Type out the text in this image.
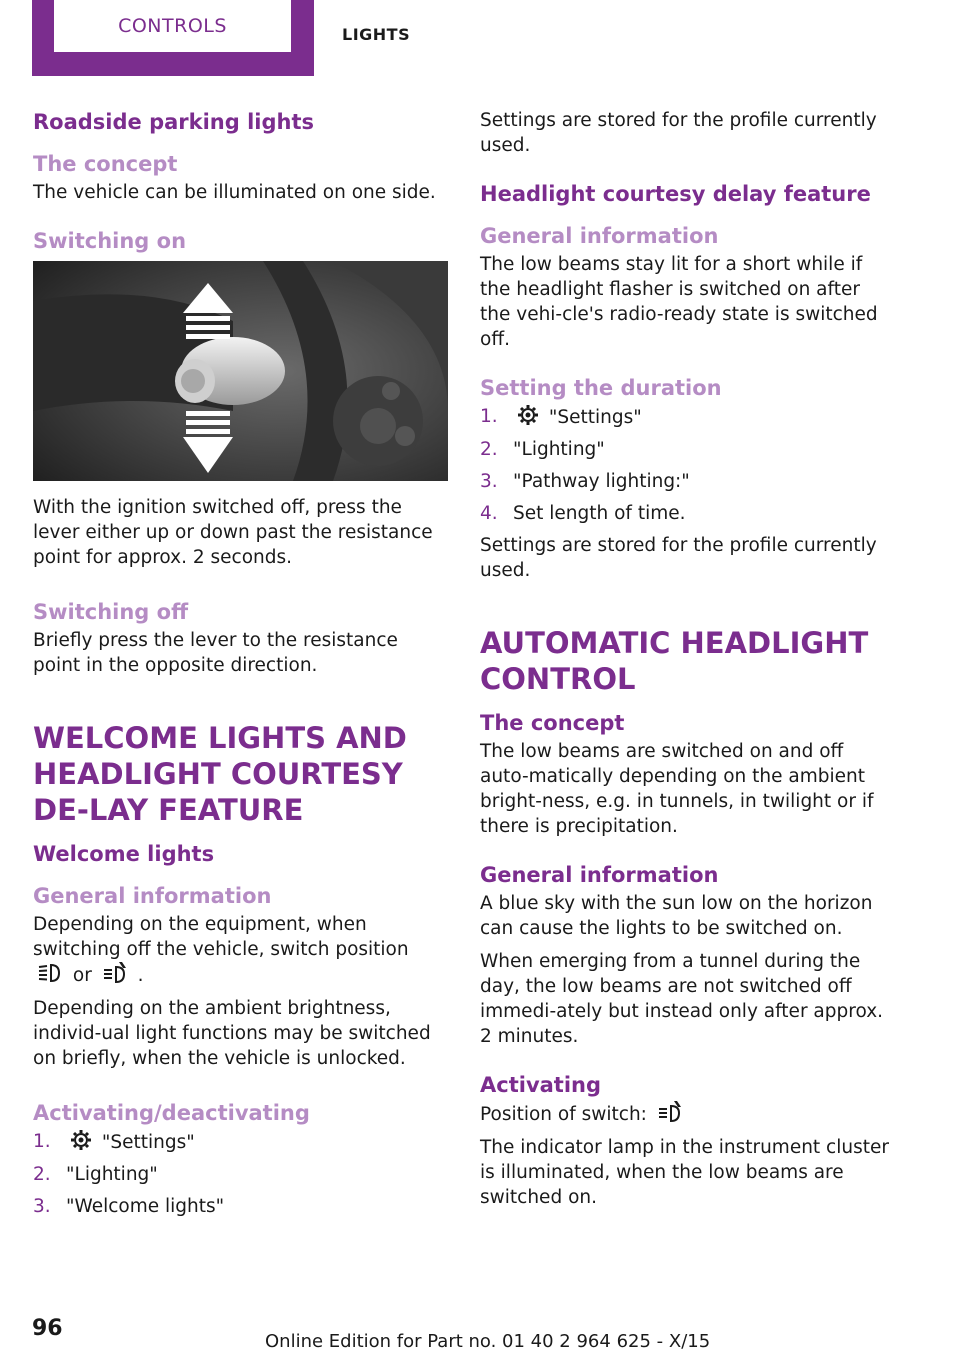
CONTROLS	LIGHTS
Roadside parking lights
The concept

The vehicle can be illuminated on one side.

Switching on

With the ignition switched off, press the lever either up or down past the resistance point for approx. 2 seconds.

Switching off

Briefly press the lever to the resistance point in the opposite direction.

WELCOME LIGHTS AND HEADLIGHT COURTESY DE-LAY FEATURE
Welcome lights
General information

Depending on the equipment, when switching off the vehicle, switch position  or .

Depending on the ambient brightness, individ-ual light functions may be switched on briefly, when the vehicle is unlocked.

Activating/deactivating
1.	"Settings"
2. "Lighting"
3. "Welcome lights"

Settings are stored for the profile currently used.

Headlight courtesy delay feature
General information

The low beams stay lit for a short while if the headlight flasher is switched on after the vehi-cle's radio-ready state is switched off.

Setting the duration
1.	"Settings"
2. "Lighting"
3. "Pathway lighting:"
4. Set length of time.

Settings are stored for the profile currently used.

AUTOMATIC HEADLIGHT CONTROL
The concept

The low beams are switched on and off auto-matically depending on the ambient bright-ness, e.g. in tunnels, in twilight or if there is precipitation.

General information

A blue sky with the sun low on the horizon can cause the lights to be switched on.

When emerging from a tunnel during the day, the low beams are not switched off immedi-ately but instead only after approx. 2 minutes.

Activating

Position of switch:

The indicator lamp in the instrument cluster is illuminated, when the low beams are switched on.

96
Online Edition for Part no. 01 40 2 964 625 - X/15
